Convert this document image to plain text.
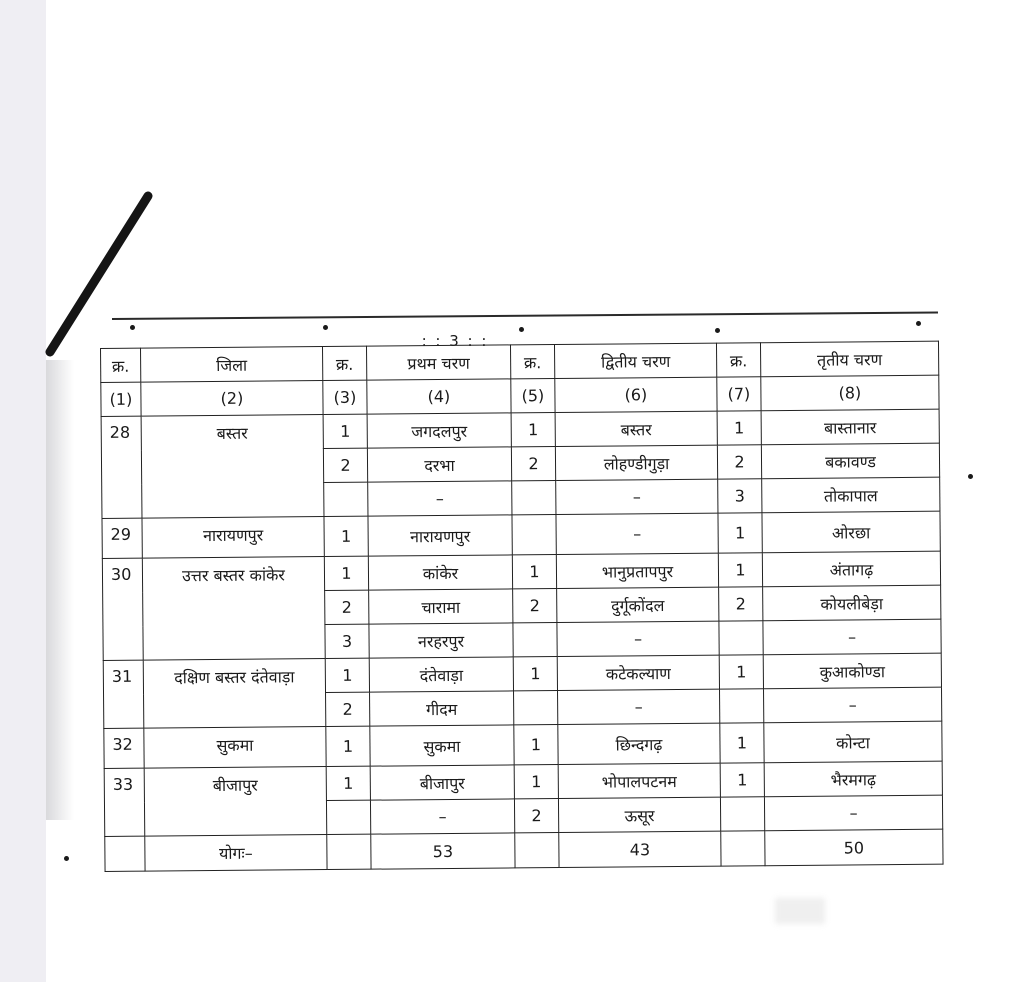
: : 3 : :
क्र.	जिला	क्र.	प्रथम चरण	क्र.	द्वितीय चरण	क्र.	तृतीय चरण
(1)	(2)	(3)	(4)	(5)	(6)	(7)	(8)
28	बस्तर	1	जगदलपुर	1	बस्तर	1	बास्तानार
		2	दरभा	2	लोहण्डीगुड़ा	2	बकावण्ड
			–		–	3	तोकापाल
29	नारायणपुर	1	नारायणपुर		–	1	ओरछा
30	उत्तर बस्तर कांकेर	1	कांकेर	1	भानुप्रतापपुर	1	अंतागढ़
		2	चारामा	2	दुर्गूकोंदल	2	कोयलीबेड़ा
		3	नरहरपुर		–		–
31	दक्षिण बस्तर दंतेवाड़ा	1	दंतेवाड़ा	1	कटेकल्याण	1	कुआकोण्डा
		2	गीदम		–		–
32	सुकमा	1	सुकमा	1	छिन्दगढ़	1	कोन्टा
33	बीजापुर	1	बीजापुर	1	भोपालपटनम	1	भैरमगढ़
			–	2	ऊसूर		–
	योगः–		53		43		50
